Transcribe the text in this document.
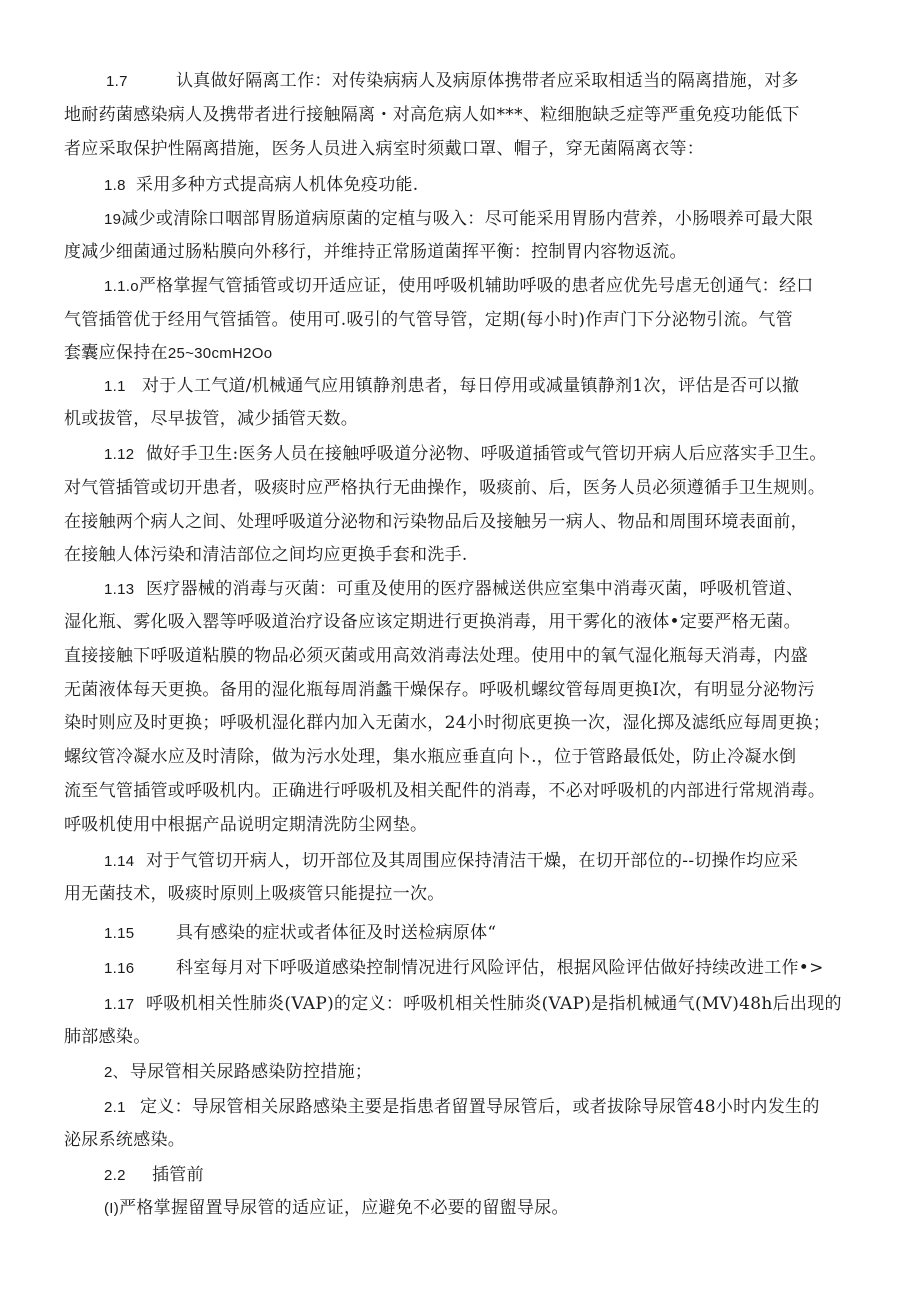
1.7	认真做好隔离工作：对传染病病人及病原体携带者应采取相适当的隔离措施，对多
地耐药菌感染病人及携带者进行接触隔离・对高危病人如***、粒细胞缺乏症等严重免疫功能低下
者应采取保护性隔离措施，医务人员进入病室时须戴口罩、帽子，穿无菌隔离衣等：
1.8 采用多种方式提高病人机体免疫功能.
19减少或清除口咽部胃肠道病原菌的定植与吸入：尽可能采用胃肠内营养，小肠喂养可最大限
度减少细菌通过肠粘膜向外移行，并维持正常肠道菌挥平衡：控制胃内容物返流。
1.1.o严格掌握气管插管或切开适应证，使用呼吸机辅助呼吸的患者应优先号虐无创通气：经口
气管插管优于经用气管插管。使用可.吸引的气管导管，定期(每小时)作声门下分泌物引流。气管
套囊应保持在25~30cmH2Oo
1.1 对于人工气道/机械通气应用镇静剂患者，每日停用或减量镇静剂1次，评估是否可以撤
机或拔管，尽早拔管，减少插管天数。
1.12 做好手卫生:医务人员在接触呼吸道分泌物、呼吸道插管或气管切开病人后应落实手卫生。
对气管插管或切开患者，吸痰时应严格执行无曲操作，吸痰前、后，医务人员必须遵循手卫生规则。
在接触两个病人之间、处理呼吸道分泌物和污染物品后及接触另一病人、物品和周围环境表面前，
在接触人体污染和清洁部位之间均应更换手套和洗手.
1.13 医疗器械的消毒与灭菌：可重及使用的医疗器械送供应室集中消毒灭菌，呼吸机管道、
湿化瓶、雾化吸入罂等呼吸道治疗设备应该定期进行更换消毒，用干雾化的液体•定要严格无菌。
直接接触下呼吸道粘膜的物品必须灭菌或用高效消毒法处理。使用中的氧气湿化瓶每天消毒，内盛
无菌液体每天更换。备用的湿化瓶每周消蠡干燥保存。呼吸机螺纹管每周更换I次，有明显分泌物污
染时则应及时更换；呼吸机湿化群内加入无菌水，24小时彻底更换一次，湿化掷及滤纸应每周更换；
螺纹管冷凝水应及时清除，做为污水处理，集水瓶应垂直向卜.，位于管路最低处，防止冷凝水倒
流至气管插管或呼吸机内。正确进行呼吸机及相关配件的消毒，不必对呼吸机的内部进行常规消毒。
呼吸机使用中根据产品说明定期清洗防尘网垫。
1.14 对于气管切开病人，切开部位及其周围应保持清洁干燥，在切开部位的--切操作均应采
用无菌技术，吸痰时原则上吸痰管只能提拉一次。
1.15 具有感染的症状或者体征及时送检病原体“
1.16 科室每月对下呼吸道感染控制情况进行风险评估，根据风险评估做好持续改进工作•>
1.17 呼吸机相关性肺炎(VAP)的定义：呼吸机相关性肺炎(VAP)是指机械通气(MV)48h后出现的
肺部感染。
2、 导尿管相关尿路感染防控措施；
2.1 定义：导尿管相关尿路感染主要是指患者留置导尿管后，或者拔除导尿管48小时内发生的
泌尿系统感染。
2.2 插管前
(I)严格掌握留置导尿管的适应证，应避免不必要的留盥导尿。
